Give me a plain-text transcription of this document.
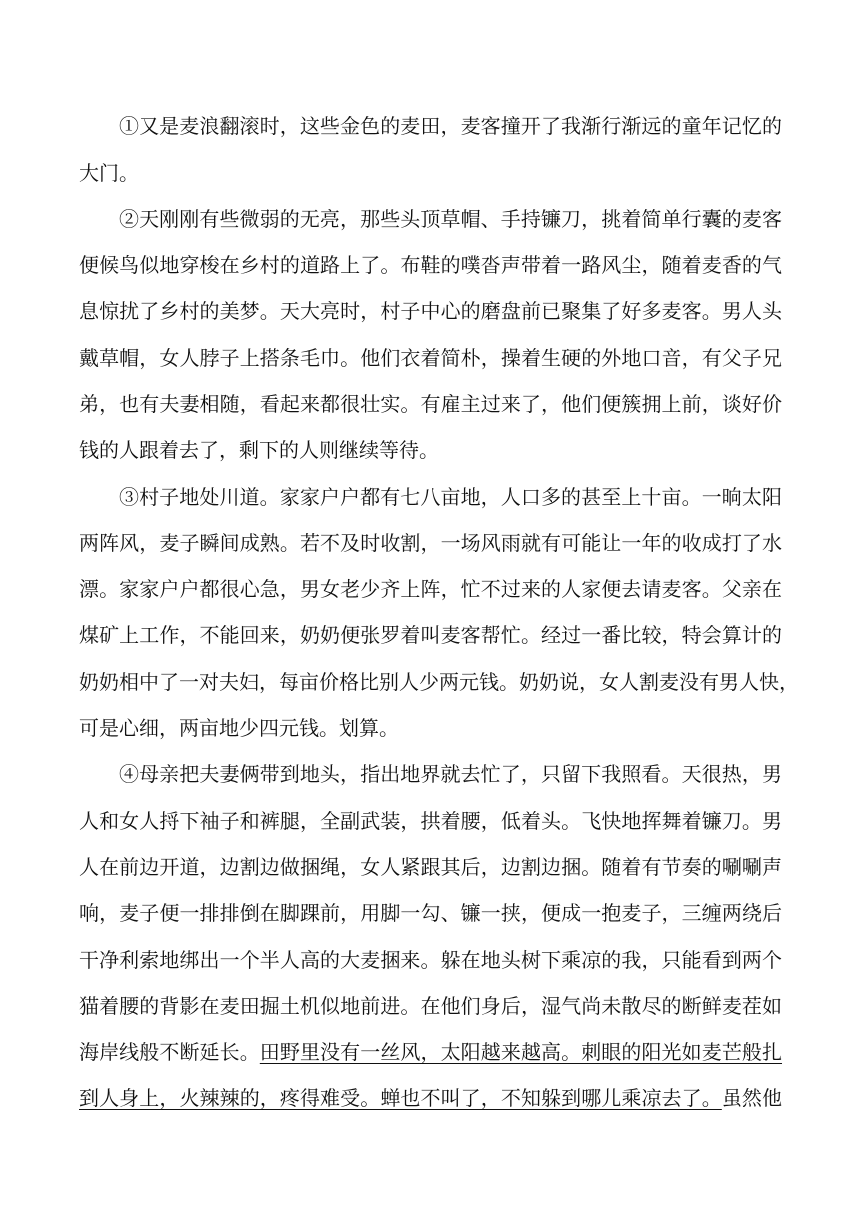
①又是麦浪翻滚时，这些金色的麦田，麦客撞开了我渐行渐远的童年记忆的
大门。
②天刚刚有些微弱的无亮，那些头顶草帽、手持镰刀，挑着简单行囊的麦客
便候鸟似地穿梭在乡村的道路上了。布鞋的噗沓声带着一路风尘，随着麦香的气
息惊扰了乡村的美梦。天大亮时，村子中心的磨盘前已聚集了好多麦客。男人头
戴草帽，女人脖子上搭条毛巾。他们衣着简朴，操着生硬的外地口音，有父子兄
弟，也有夫妻相随，看起来都很壮实。有雇主过来了，他们便簇拥上前，谈好价
钱的人跟着去了，剩下的人则继续等待。
③村子地处川道。家家户户都有七八亩地，人口多的甚至上十亩。一晌太阳
两阵风，麦子瞬间成熟。若不及时收割，一场风雨就有可能让一年的收成打了水
漂。家家户户都很心急，男女老少齐上阵，忙不过来的人家便去请麦客。父亲在
煤矿上工作，不能回来，奶奶便张罗着叫麦客帮忙。经过一番比较，特会算计的
奶奶相中了一对夫妇，每亩价格比别人少两元钱。奶奶说，女人割麦没有男人快，
可是心细，两亩地少四元钱。划算。
④母亲把夫妻俩带到地头，指出地界就去忙了，只留下我照看。天很热，男
人和女人捋下袖子和裤腿，全副武装，拱着腰，低着头。飞快地挥舞着镰刀。男
人在前边开道，边割边做捆绳，女人紧跟其后，边割边捆。随着有节奏的唰唰声
响，麦子便一排排倒在脚踝前，用脚一勾、镰一挟，便成一抱麦子，三缠两绕后
干净利索地绑出一个半人高的大麦捆来。躲在地头树下乘凉的我，只能看到两个
猫着腰的背影在麦田掘土机似地前进。在他们身后，湿气尚未散尽的断鲜麦茬如
海岸线般不断延长。田野里没有一丝风，太阳越来越高。刺眼的阳光如麦芒般扎
到人身上，火辣辣的，疼得难受。蝉也不叫了，不知躲到哪儿乘凉去了。虽然他
